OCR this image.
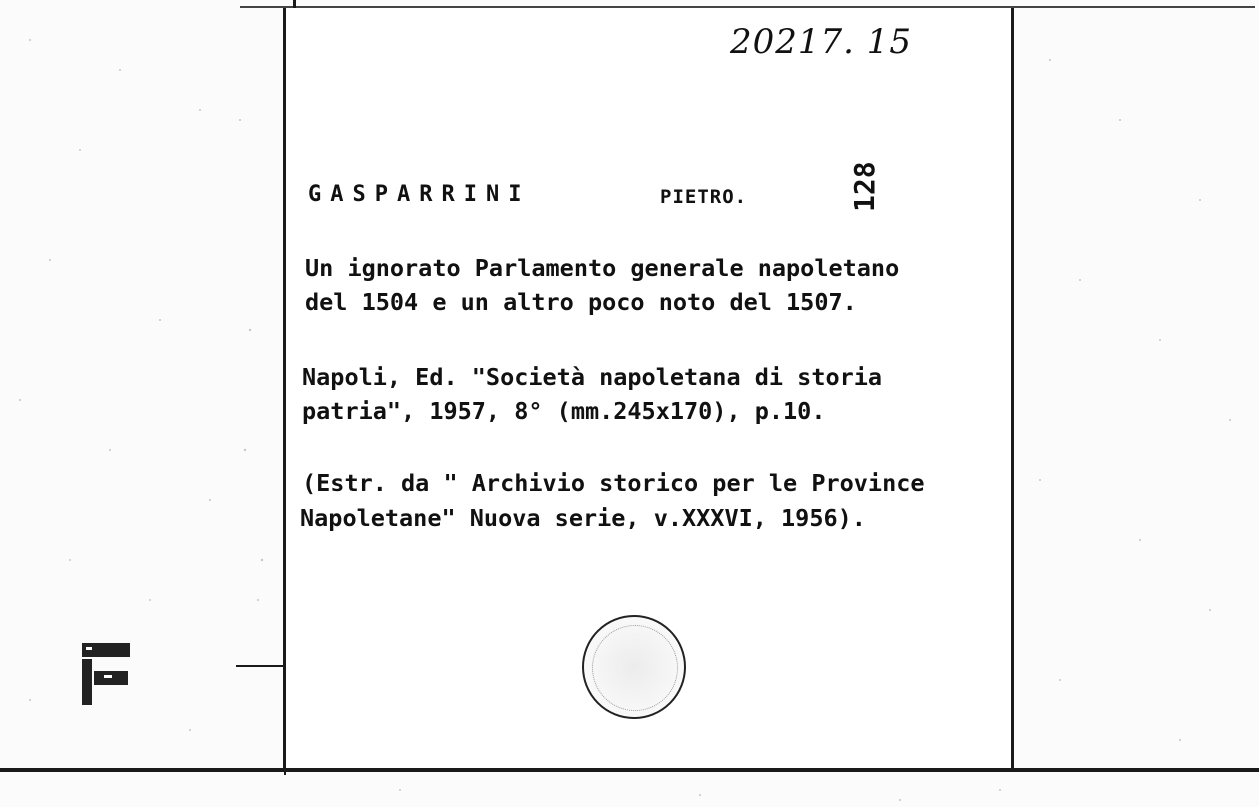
20217. 15
GASPARRINI	PIETRO.	128
Un ignorato Parlamento generale napoletano
del 1504 e un altro poco noto del 1507.
Napoli, Ed. "Società napoletana di storia
patria", 1957, 8° (mm.245x170), p.10.
(Estr. da " Archivio storico per le Province
Napoletane" Nuova serie, v.XXXVI, 1956).
